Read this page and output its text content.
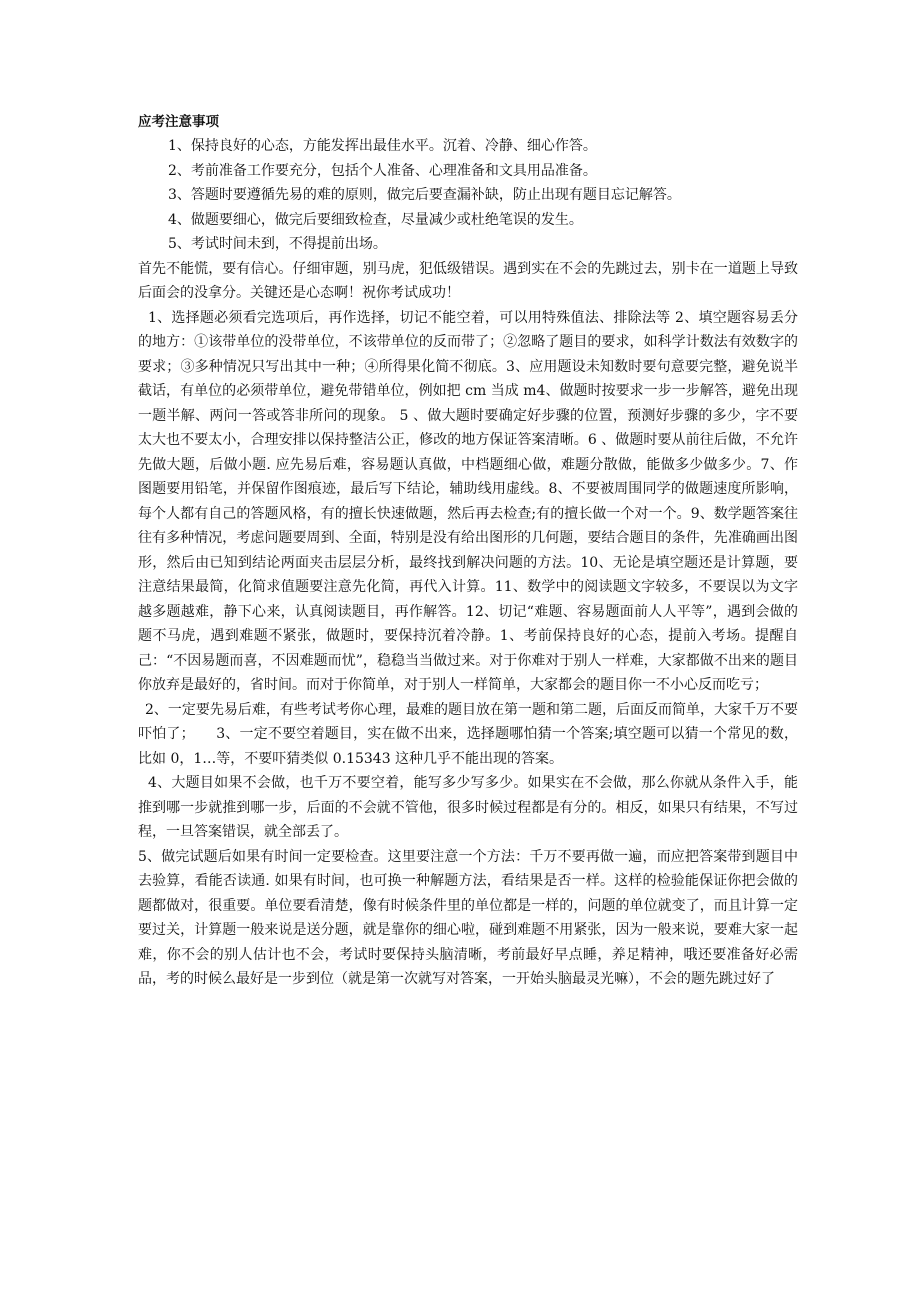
应考注意事项
1、保持良好的心态，方能发挥出最佳水平。沉着、冷静、细心作答。
2、考前准备工作要充分，包括个人准备、心理准备和文具用品准备。
3、答题时要遵循先易的难的原则，做完后要查漏补缺，防止出现有题目忘记解答。
4、做题要细心，做完后要细致检查，尽量减少或杜绝笔误的发生。
5、考试时间未到，不得提前出场。

首先不能慌，要有信心。仔细审题，别马虎，犯低级错误。遇到实在不会的先跳过去，别卡在一道题上导致后面会的没拿分。关键还是心态啊！祝你考试成功！

1、选择题必须看完选项后，再作选择，切记不能空着，可以用特殊值法、排除法等 2、填空题容易丢分的地方：①该带单位的没带单位，不该带单位的反而带了；②忽略了题目的要求，如科学计数法有效数字的要求；③多种情况只写出其中一种；④所得果化简不彻底。3、应用题设未知数时要句意要完整，避免说半截话，有单位的必须带单位，避免带错单位，例如把 cm 当成 m4、做题时按要求一步一步解答，避免出现一题半解、两问一答或答非所问的现象。 5 、做大题时要确定好步骤的位置，预测好步骤的多少，字不要太大也不要太小，合理安排以保持整洁公正，修改的地方保证答案清晰。6 、做题时要从前往后做，不允许先做大题，后做小题. 应先易后难，容易题认真做，中档题细心做，难题分散做，能做多少做多少。7、作图题要用铅笔，并保留作图痕迹，最后写下结论，辅助线用虚线。8、不要被周围同学的做题速度所影响，每个人都有自己的答题风格，有的擅长快速做题，然后再去检查;有的擅长做一个对一个。9、数学题答案往往有多种情况，考虑问题要周到、全面，特别是没有给出图形的几何题，要结合题目的条件，先准确画出图形，然后由已知到结论两面夹击层层分析，最终找到解决问题的方法。10、无论是填空题还是计算题，要注意结果最简，化简求值题要注意先化简，再代入计算。11、数学中的阅读题文字较多，不要误以为文字越多题越难，静下心来，认真阅读题目，再作解答。12、切记“难题、容易题面前人人平等”，遇到会做的题不马虎，遇到难题不紧张，做题时，要保持沉着冷静。1、考前保持良好的心态，提前入考场。提醒自己：“不因易题而喜，不因难题而忧”，稳稳当当做过来。对于你难对于别人一样难，大家都做不出来的题目你放弃是最好的，省时间。而对于你简单，对于别人一样简单，大家都会的题目你一不小心反而吃亏；

2、一定要先易后难，有些考试考你心理，最难的题目放在第一题和第二题，后面反而简单，大家千万不要吓怕了；　　3、一定不要空着题目，实在做不出来，选择题哪怕猜一个答案;填空题可以猜一个常见的数，比如 0，1…等，不要吓猜类似 0.15343 这种几乎不能出现的答案。

4、大题目如果不会做，也千万不要空着，能写多少写多少。如果实在不会做，那么你就从条件入手，能推到哪一步就推到哪一步，后面的不会就不管他，很多时候过程都是有分的。相反，如果只有结果，不写过程，一旦答案错误，就全部丢了。

5、做完试题后如果有时间一定要检查。这里要注意一个方法：千万不要再做一遍，而应把答案带到题目中去验算，看能否读通. 如果有时间，也可换一种解题方法，看结果是否一样。这样的检验能保证你把会做的题都做对，很重要。单位要看清楚，像有时候条件里的单位都是一样的，问题的单位就变了，而且计算一定要过关，计算题一般来说是送分题，就是靠你的细心啦，碰到难题不用紧张，因为一般来说，要难大家一起难，你不会的别人估计也不会，考试时要保持头脑清晰，考前最好早点睡，养足精神，哦还要准备好必需品，考的时候么最好是一步到位（就是第一次就写对答案，一开始头脑最灵光嘛），不会的题先跳过好了
